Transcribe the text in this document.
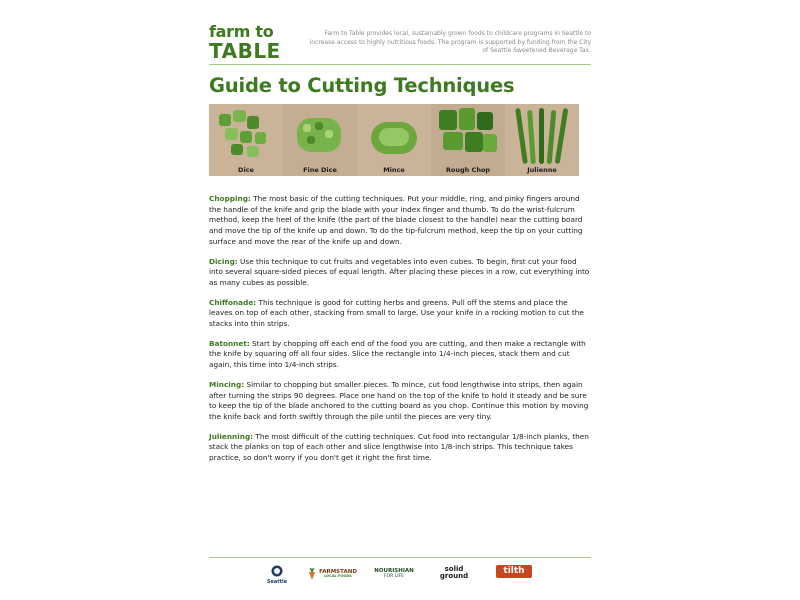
farm to
TABLE
Farm to Table provides local, sustainably grown foods to childcare programs in Seattle to increase access to highly nutritious foods. The program is supported by funding from the City of Seattle Sweetened Beverage Tax.
Guide to Cutting Techniques
Dice	Fine Dice	Mince	Rough Chop	Julienne

Chopping: The most basic of the cutting techniques. Put your middle, ring, and pinky fingers around the handle of the knife and grip the blade with your index finger and thumb. To do the wrist-fulcrum method, keep the heel of the knife (the part of the blade closest to the handle) near the cutting board and move the tip of the knife up and down. To do the tip-fulcrum method, keep the tip on your cutting surface and move the rear of the knife up and down.

Dicing: Use this technique to cut fruits and vegetables into even cubes. To begin, first cut your food into several square-sided pieces of equal length. After placing these pieces in a row, cut everything into as many cubes as possible.

Chiffonade: This technique is good for cutting herbs and greens. Pull off the stems and place the leaves on top of each other, stacking from small to large. Use your knife in a rocking motion to cut the stacks into thin strips.

Batonnet: Start by chopping off each end of the food you are cutting, and then make a rectangle with the knife by squaring off all four sides. Slice the rectangle into 1/4-inch pieces, stack them and cut again, this time into 1/4-inch strips.

Mincing: Similar to chopping but smaller pieces. To mince, cut food lengthwise into strips, then again after turning the strips 90 degrees. Place one hand on the top of the knife to hold it steady and be sure to keep the tip of the blade anchored to the cutting board as you chop. Continue this motion by moving the knife back and forth swiftly through the pile until the pieces are very tiny.

Julienning: The most difficult of the cutting techniques. Cut food into rectangular 1/8-inch planks, then stack the planks on top of each other and slice lengthwise into 1/8-inch strips. This technique takes practice, so don't worry if you don't get it right the first time.

Seattle
FARMSTAND
LOCAL FOODS
NOURISHIAN
FOR LIFE
solid
ground	tilth
